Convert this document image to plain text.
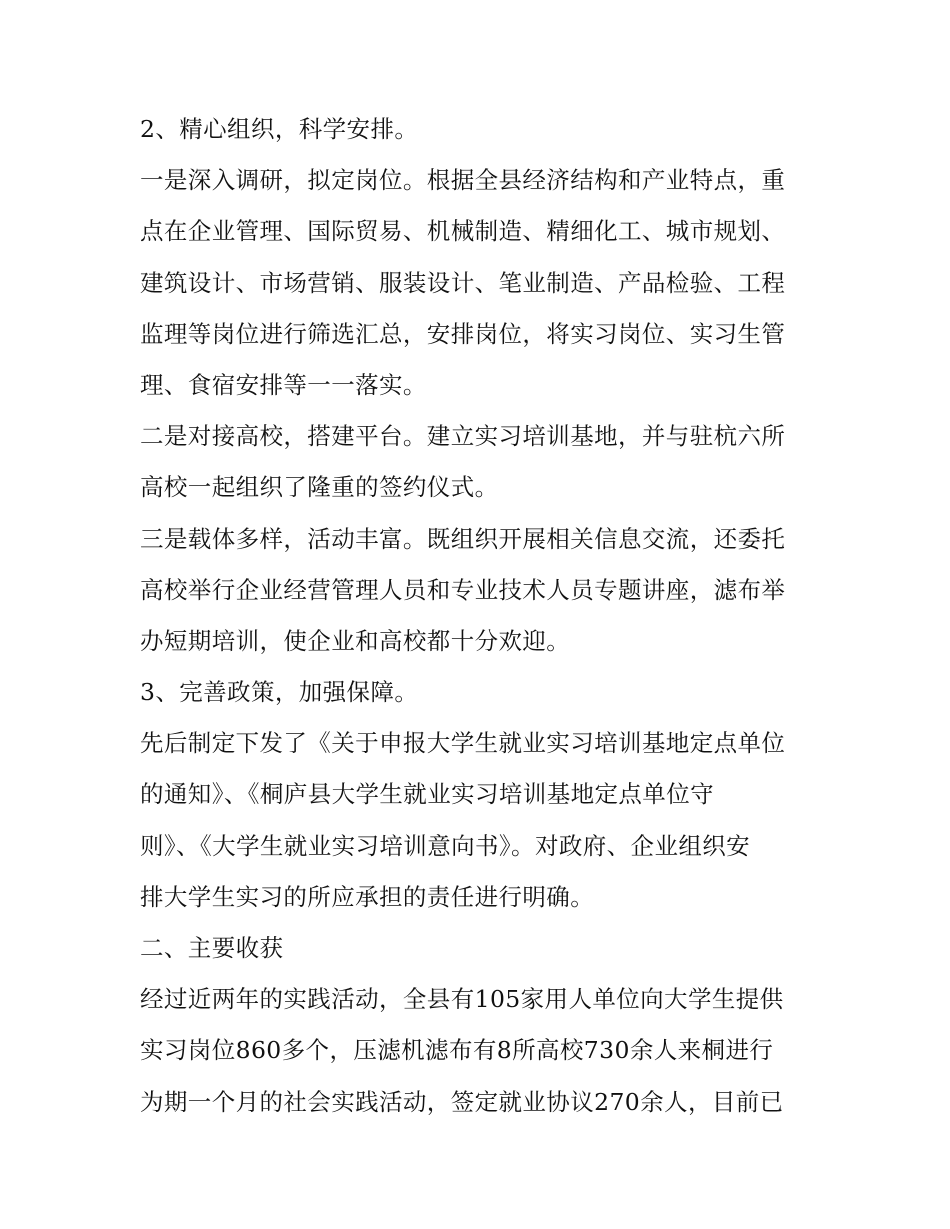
2、精心组织，科学安排。
一是深入调研，拟定岗位。根据全县经济结构和产业特点，重
点在企业管理、国际贸易、机械制造、精细化工、城市规划、
建筑设计、市场营销、服装设计、笔业制造、产品检验、工程
监理等岗位进行筛选汇总，安排岗位，将实习岗位、实习生管
理、食宿安排等一一落实。
二是对接高校，搭建平台。建立实习培训基地，并与驻杭六所
高校一起组织了隆重的签约仪式。
三是载体多样，活动丰富。既组织开展相关信息交流，还委托
高校举行企业经营管理人员和专业技术人员专题讲座，滤布举
办短期培训，使企业和高校都十分欢迎。
3、完善政策，加强保障。
先后制定下发了《关于申报大学生就业实习培训基地定点单位
的通知》、《桐庐县大学生就业实习培训基地定点单位守
则》、《大学生就业实习培训意向书》。对政府、企业组织安
排大学生实习的所应承担的责任进行明确。
二、主要收获
经过近两年的实践活动，全县有105家用人单位向大学生提供
实习岗位860多个，压滤机滤布有8所高校730余人来桐进行
为期一个月的社会实践活动，签定就业协议270余人，目前已
